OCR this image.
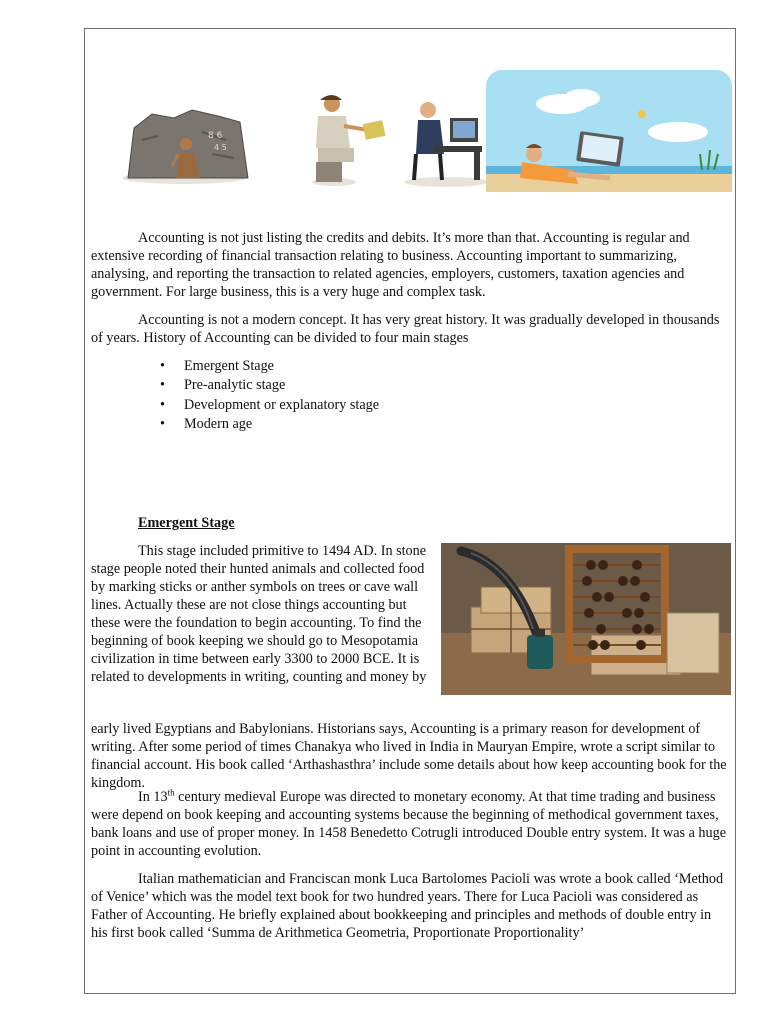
8 6
4 5

Accounting is not just listing the credits and debits. It’s more than that. Accounting is regular and extensive recording of financial transaction relating to business. Accounting important to summarizing, analysing, and reporting the transaction to related agencies, employers, customers, taxation agencies and government. For large business, this is a very huge and complex task.

Accounting is not a modern concept. It has very great history. It was gradually developed in thousands of years. History of Accounting can be divided to four main stages

• Emergent Stage
• Pre-analytic stage
• Development or explanatory stage
• Modern age
Emergent Stage

This stage included primitive to 1494 AD. In stone stage people noted their hunted animals and collected food by marking sticks or anther symbols on trees or cave wall lines. Actually these are not close things accounting but these were the foundation to begin accounting. To find the beginning of book keeping we should go to Mesopotamia civilization in time between early 3300 to 2000 BCE. It is related to developments in writing, counting and money by

early lived Egyptians and Babylonians. Historians says, Accounting is a primary reason for development of writing. After some period of times Chanakya who lived in India in Mauryan Empire, wrote a script similar to financial account. His book called ‘Arthashasthra’ include some details about how keep accounting book for the kingdom.

In 13th century medieval Europe was directed to monetary economy. At that time trading and business were depend on book keeping and accounting systems because the beginning of methodical government taxes, bank loans and use of proper money. In 1458 Benedetto Cotrugli introduced Double entry system. It was a huge point in accounting evolution.

Italian mathematician and Franciscan monk Luca Bartolomes Pacioli was wrote a book called ‘Method of Venice’ which was the model text book for two hundred years. There for Luca Pacioli was considered as Father of Accounting. He briefly explained about bookkeeping and principles and methods of double entry in his first book called ‘Summa de Arithmetica Geometria, Proportionate Proportionality’
